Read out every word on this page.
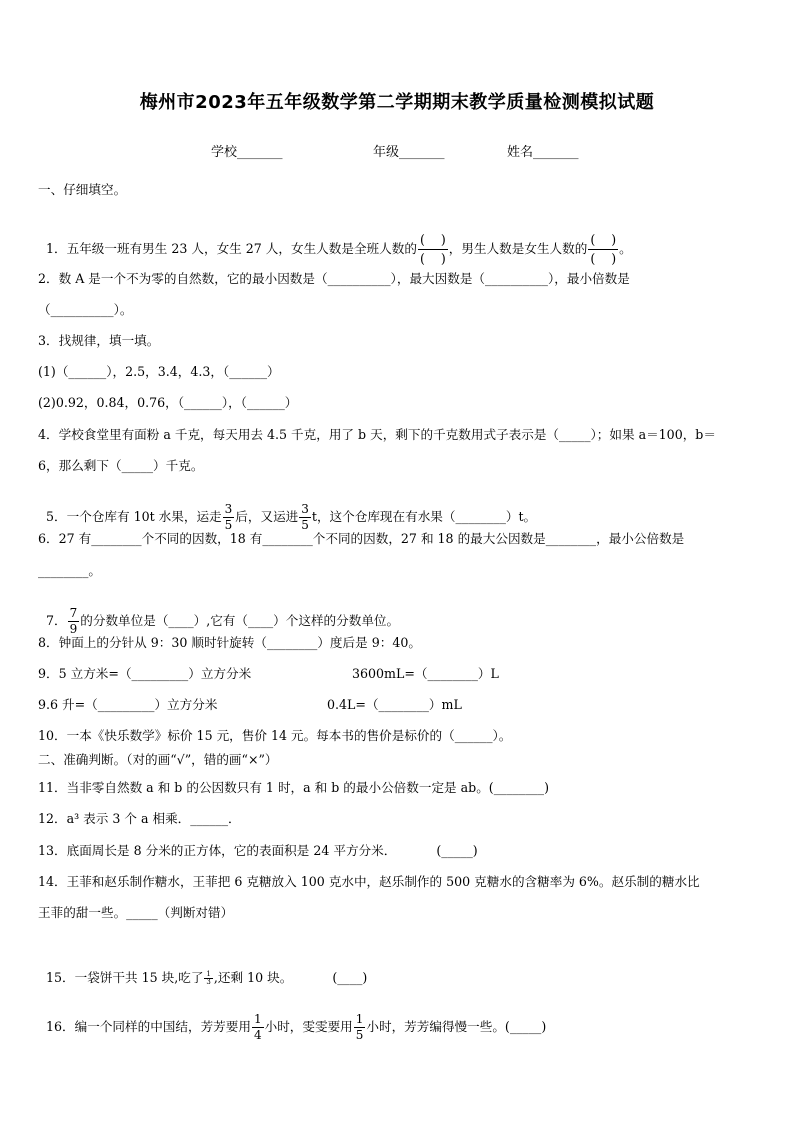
梅州市2023年五年级数学第二学期期末教学质量检测模拟试题
学校_______	年级_______	姓名_______
一、仔细填空。

1．五年级一班有男生 23 人，女生 27 人，女生人数是全班人数的 $\frac{( )}{( )}$ ，男生人数是女生人数的 $\frac{( )}{( )}$ 。

2．数 A 是一个不为零的自然数，它的最小因数是（__________），最大因数是（__________），最小倍数是
（__________）。
3．找规律，填一填。
(1)（______），2.5，3.4，4.3，（______）
(2)0.92，0.84，0.76，（______），（______）
4．学校食堂里有面粉 a 千克，每天用去 4.5 千克，用了 b 天，剩下的千克数用式子表示是（_____）；如果 a＝100，b＝
6，那么剩下（_____）千克。

5．一个仓库有 10t 水果，运走 $\frac{3}{5}$ 后，又运进 $\frac{3}{5}$ t，这个仓库现在有水果（________）t。

6．27 有________个不同的因数，18 有________个不同的因数，27 和 18 的最大公因数是________，最小公倍数是
________。

7． $\frac{7}{9}$ 的分数单位是（____）,它有（____）个这样的分数单位。

8．钟面上的分针从 9：30 顺时针旋转（________）度后是 9：40。
9．5 立方米=（_________）立方分米	3600mL=（________）L
9.6 升=（_________）立方分米	0.4L=（________）mL
10．一本《快乐数学》标价 15 元，售价 14 元。每本书的售价是标价的（______）。
二、准确判断。（对的画“√”，错的画“×”）
11．当非零自然数 a 和 b 的公因数只有 1 时，a 和 b 的最小公倍数一定是 ab。(________)
12．a³ 表示 3 个 a 相乘．______．
13．底面周长是 8 分米的正方体，它的表面积是 24 平方分米．          (_____)
14．王菲和赵乐制作糖水，王菲把 6 克糖放入 100 克水中，赵乐制作的 500 克糖水的含糖率为 6%。赵乐制的糖水比
王菲的甜一些。_____（判断对错）

15．一袋饼干共 15 块,吃了 $\frac{1}{3}$ ,还剩 10 块。          (____)

16．编一个同样的中国结，芳芳要用 $\frac{1}{4}$ 小时，雯雯要用 $\frac{1}{5}$ 小时，芳芳编得慢一些。(_____)
